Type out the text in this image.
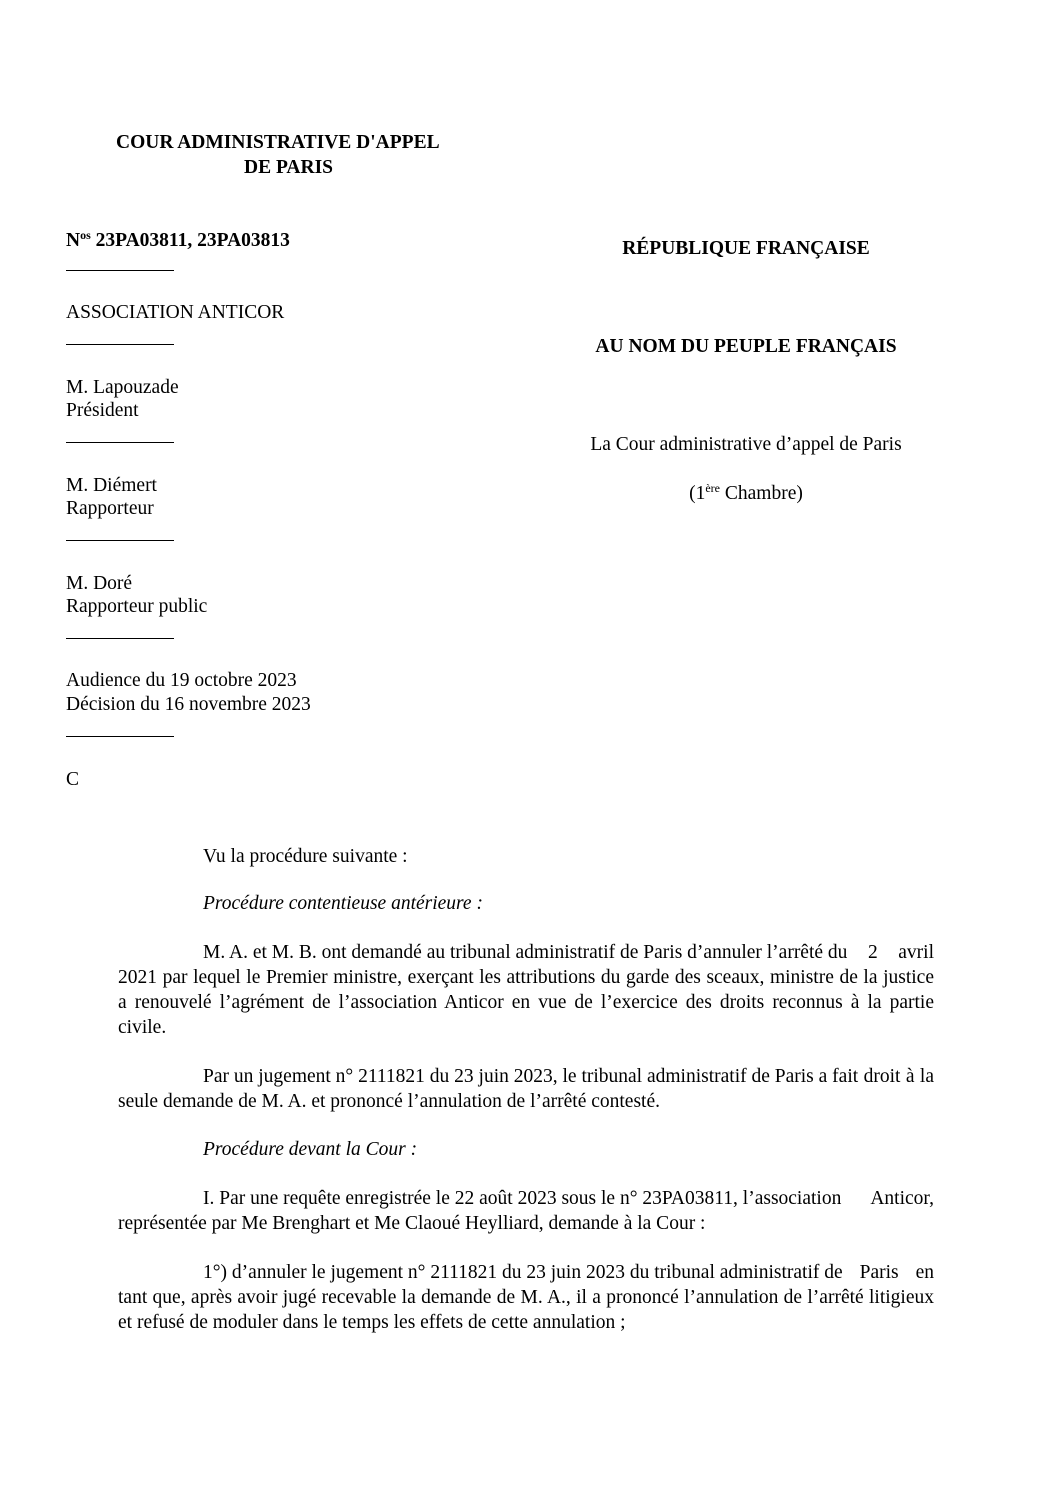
COUR ADMINISTRATIVE D'APPEL
DE PARIS
$N^{os}$ 23PA03811, 23PA03813	RÉPUBLIQUE FRANÇAISE
AU NOM DU PEUPLE FRANÇAIS
La Cour administrative d’appel de Paris
(1ère Chambre)
ASSOCIATION ANTICOR
M. Lapouzade
Président
M. Diémert
Rapporteur
M. Doré
Rapporteur public
Audience du 19 octobre 2023
Décision du 16 novembre 2023
C
Vu la procédure suivante :
Procédure contentieuse antérieure :
M. A. et M. B. ont demandé au tribunal administratif de Paris d’annuler l’arrêté du 2 avril 2021 par lequel le Premier ministre, exerçant les attributions du garde des sceaux, ministre de la justice a renouvelé l’agrément de l’association Anticor en vue de l’exercice des droits reconnus à la partie civile.
Par un jugement n° 2111821 du 23 juin 2023, le tribunal administratif de Paris a fait droit à la seule demande de M. A. et prononcé l’annulation de l’arrêté contesté.
Procédure devant la Cour :
I. Par une requête enregistrée le 22 août 2023 sous le n° 23PA03811, l’association Anticor, représentée par Me Brenghart et Me Claoué Heylliard, demande à la Cour :
1°) d’annuler le jugement n° 2111821 du 23 juin 2023 du tribunal administratif de Paris en tant que, après avoir jugé recevable la demande de M. A., il a prononcé l’annulation de l’arrêté litigieux et refusé de moduler dans le temps les effets de cette annulation ;
